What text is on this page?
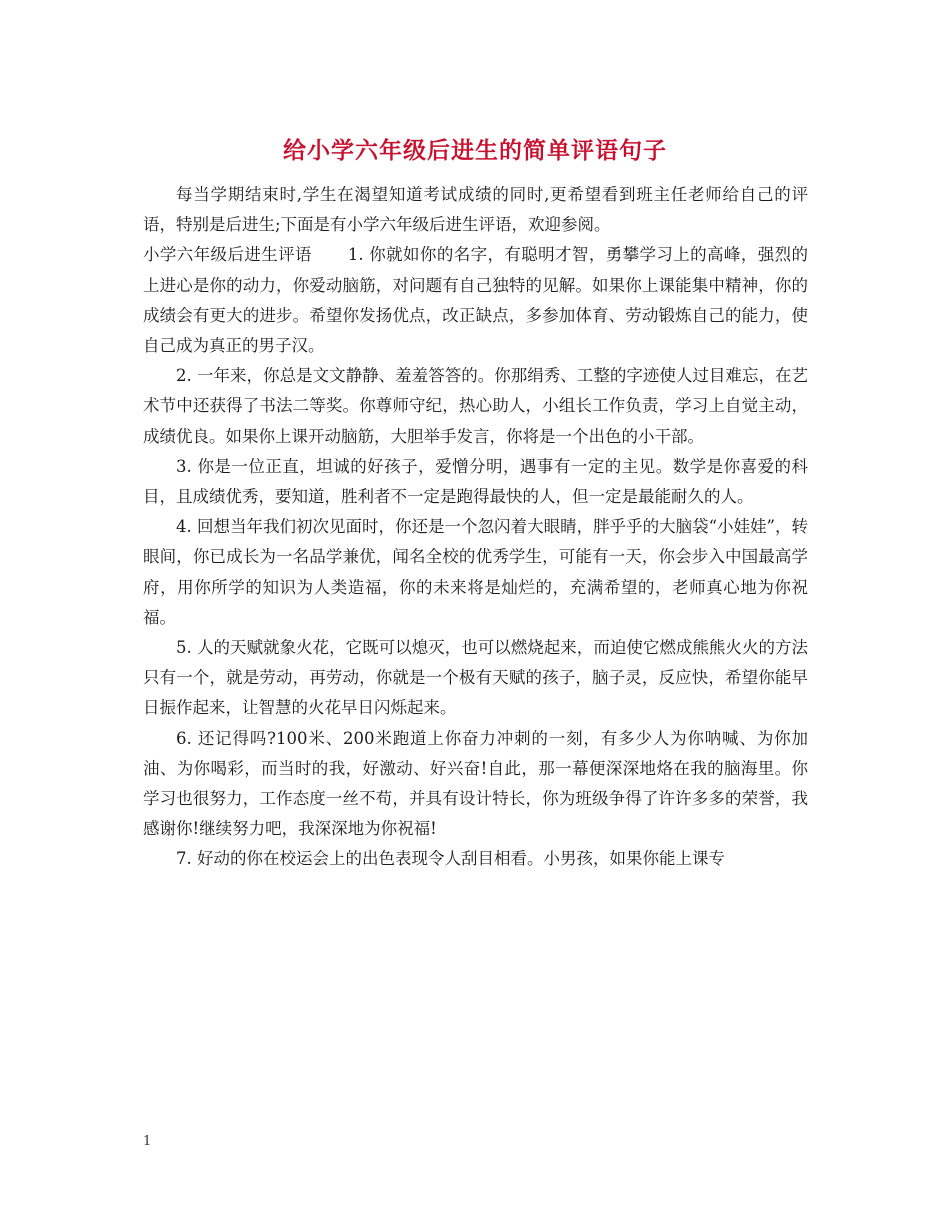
给小学六年级后进生的简单评语句子

每当学期结束时,学生在渴望知道考试成绩的同时,更希望看到班主任老师给自己的评语，特别是后进生;下面是有小学六年级后进生评语，欢迎参阅。

小学六年级后进生评语 1. 你就如你的名字，有聪明才智，勇攀学习上的高峰，强烈的上进心是你的动力，你爱动脑筋，对问题有自己独特的见解。如果你上课能集中精神，你的成绩会有更大的进步。希望你发扬优点，改正缺点，多参加体育、劳动锻炼自己的能力，使自己成为真正的男子汉。

2. 一年来，你总是文文静静、羞羞答答的。你那绢秀、工整的字迹使人过目难忘，在艺术节中还获得了书法二等奖。你尊师守纪，热心助人，小组长工作负责，学习上自觉主动，成绩优良。如果你上课开动脑筋，大胆举手发言，你将是一个出色的小干部。

3. 你是一位正直，坦诚的好孩子，爱憎分明，遇事有一定的主见。数学是你喜爱的科目，且成绩优秀，要知道，胜利者不一定是跑得最快的人，但一定是最能耐久的人。

4. 回想当年我们初次见面时，你还是一个忽闪着大眼睛，胖乎乎的大脑袋“小娃娃”，转眼间，你已成长为一名品学兼优，闻名全校的优秀学生，可能有一天，你会步入中国最高学府，用你所学的知识为人类造福，你的未来将是灿烂的，充满希望的，老师真心地为你祝福。

5. 人的天赋就象火花，它既可以熄灭，也可以燃烧起来，而迫使它燃成熊熊火火的方法只有一个，就是劳动，再劳动，你就是一个极有天赋的孩子，脑子灵，反应快，希望你能早日振作起来，让智慧的火花早日闪烁起来。

6. 还记得吗?100米、200米跑道上你奋力冲刺的一刻，有多少人为你呐喊、为你加油、为你喝彩，而当时的我，好激动、好兴奋!自此，那一幕便深深地烙在我的脑海里。你学习也很努力，工作态度一丝不苟，并具有设计特长，你为班级争得了许许多多的荣誉，我感谢你!继续努力吧，我深深地为你祝福!

7. 好动的你在校运会上的出色表现令人刮目相看。小男孩，如果你能上课专

1
